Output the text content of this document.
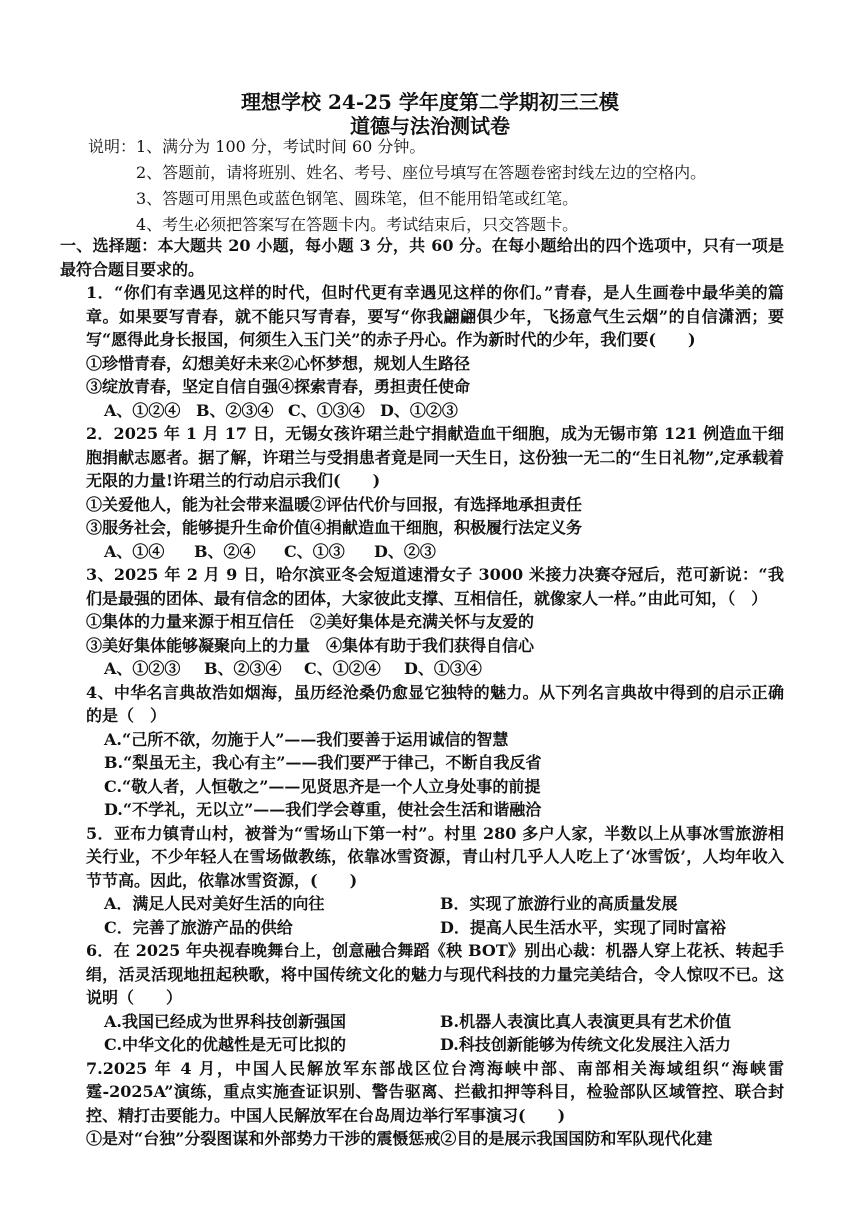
理想学校 24-25 学年度第二学期初三三模
道德与法治测试卷
说明：1、满分为 100 分，考试时间 60 分钟。
2、答题前，请将班别、姓名、考号、座位号填写在答题卷密封线左边的空格内。
3、答题可用黑色或蓝色钢笔、圆珠笔，但不能用铅笔或红笔。
4、考生必须把答案写在答题卡内。考试结束后，只交答题卡。

一、选择题：本大题共 20 小题，每小题 3 分，共 60 分。在每小题给出的四个选项中，只有一项是最符合题目要求的。

1．“你们有幸遇见这样的时代，但时代更有幸遇见这样的你们。”青春，是人生画卷中最华美的篇章。如果要写青春，就不能只写青春，要写“你我翩翩俱少年，飞扬意气生云烟”的自信潇洒；要写“愿得此身长报国，何须生入玉门关”的赤子丹心。作为新时代的少年，我们要(　　)

①珍惜青春，幻想美好未来②心怀梦想，规划人生路径

③绽放青春，坚定自信自强④探索青春，勇担责任使命

A、①②④ B、②③④ C、①③④ D、①②③

2．2025 年 1 月 17 日，无锡女孩许珺兰赴宁捐献造血干细胞，成为无锡市第 121 例造血干细胞捐献志愿者。据了解，许珺兰与受捐患者竟是同一天生日，这份独一无二的“生日礼物”,定承载着无限的力量!许珺兰的行动启示我们(　　)

①关爱他人，能为社会带来温暖②评估代价与回报，有选择地承担责任

③服务社会，能够提升生命价值④捐献造血干细胞，积极履行法定义务

A、①④	B、②④	C、①③	D、②③

3、2025 年 2 月 9 日，哈尔滨亚冬会短道速滑女子 3000 米接力决赛夺冠后，范可新说：“我们是最强的团体、最有信念的团体，大家彼此支撑、互相信任，就像家人一样。”由此可知，（　）

①集体的力量来源于相互信任　②美好集体是充满关怀与友爱的

③美好集体能够凝聚向上的力量　④集体有助于我们获得自信心

A、①②③	B、②③④	C、①②④	D、①③④

4、中华名言典故浩如烟海，虽历经沧桑仍愈显它独特的魅力。从下列名言典故中得到的启示正确的是（　）

A.“己所不欲，勿施于人”——我们要善于运用诚信的智慧

B.“梨虽无主，我心有主”——我们要严于律己，不断自我反省

C.“敬人者，人恒敬之”——见贤思齐是一个人立身处事的前提

D.“不学礼，无以立”——我们学会尊重，使社会生活和谐融洽

5．亚布力镇青山村，被誉为“雪场山下第一村”。村里 280 多户人家，半数以上从事冰雪旅游相关行业，不少年轻人在雪场做教练，依靠冰雪资源，青山村几乎人人吃上了‘冰雪饭’，人均年收入节节高。因此，依靠冰雪资源，(　　)

A．满足人民对美好生活的向往	B．实现了旅游行业的高质量发展
C．完善了旅游产品的供给	D．提高人民生活水平，实现了同时富裕

6．在 2025 年央视春晚舞台上，创意融合舞蹈《秧 BOT》别出心裁：机器人穿上花袄、转起手绢，活灵活现地扭起秧歌，将中国传统文化的魅力与现代科技的力量完美结合，令人惊叹不已。这说明（　　）

A.我国已经成为世界科技创新强国	B.机器人表演比真人表演更具有艺术价值
C.中华文化的优越性是无可比拟的	D.科技创新能够为传统文化发展注入活力

7.2025 年 4 月，中国人民解放军东部战区位台湾海峡中部、南部相关海域组织“海峡雷霆-2025A”演练，重点实施查证识别、警告驱离、拦截扣押等科目，检验部队区域管控、联合封控、精打击要能力。中国人民解放军在台岛周边举行军事演习(　　)

①是对“台独”分裂图谋和外部势力干涉的震慑惩戒②目的是展示我国国防和军队现代化建
